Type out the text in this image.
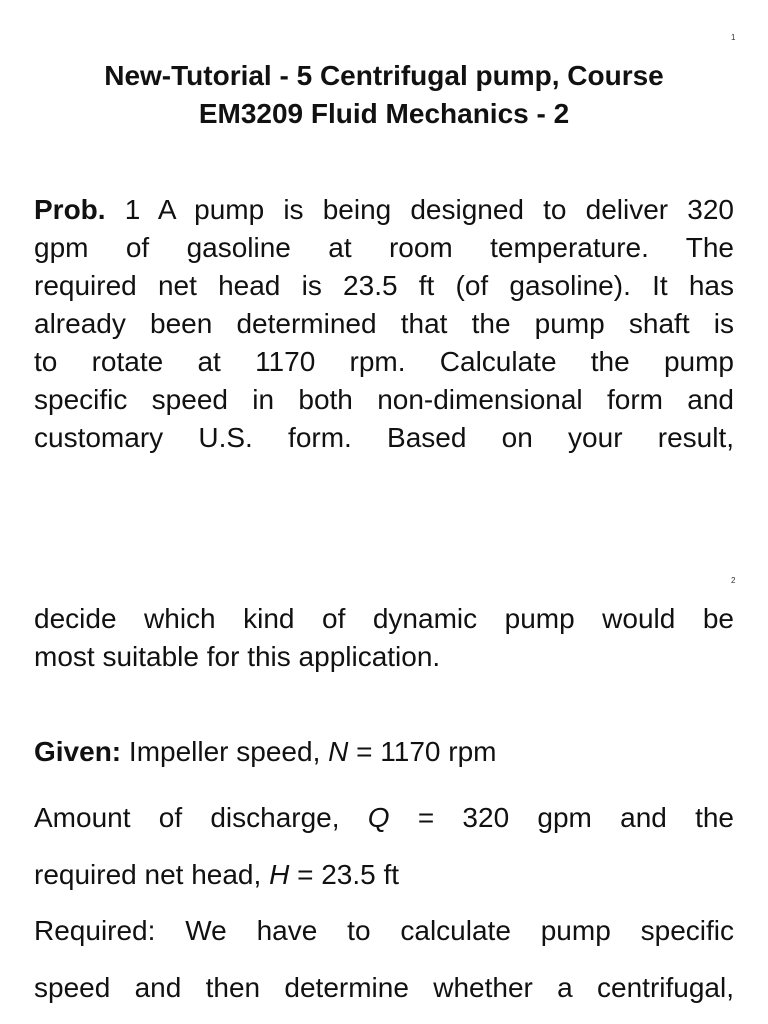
1
New-Tutorial - 5 Centrifugal pump, Course
EM3209 Fluid Mechanics - 2

Prob. 1 A pump is being designed to deliver 320
gpm of gasoline at room temperature. The
required net head is 23.5 ft (of gasoline). It has
already been determined that the pump shaft is
to rotate at 1170 rpm. Calculate the pump
specific speed in both non-dimensional form and
customary U.S. form. Based on your result,

2

decide which kind of dynamic pump would be
most suitable for this application.

Given: Impeller speed, N = 1170 rpm

Amount of discharge, Q = 320 gpm and the
required net head, H = 23.5 ft

Required: We have to calculate pump specific
speed and then determine whether a centrifugal,
